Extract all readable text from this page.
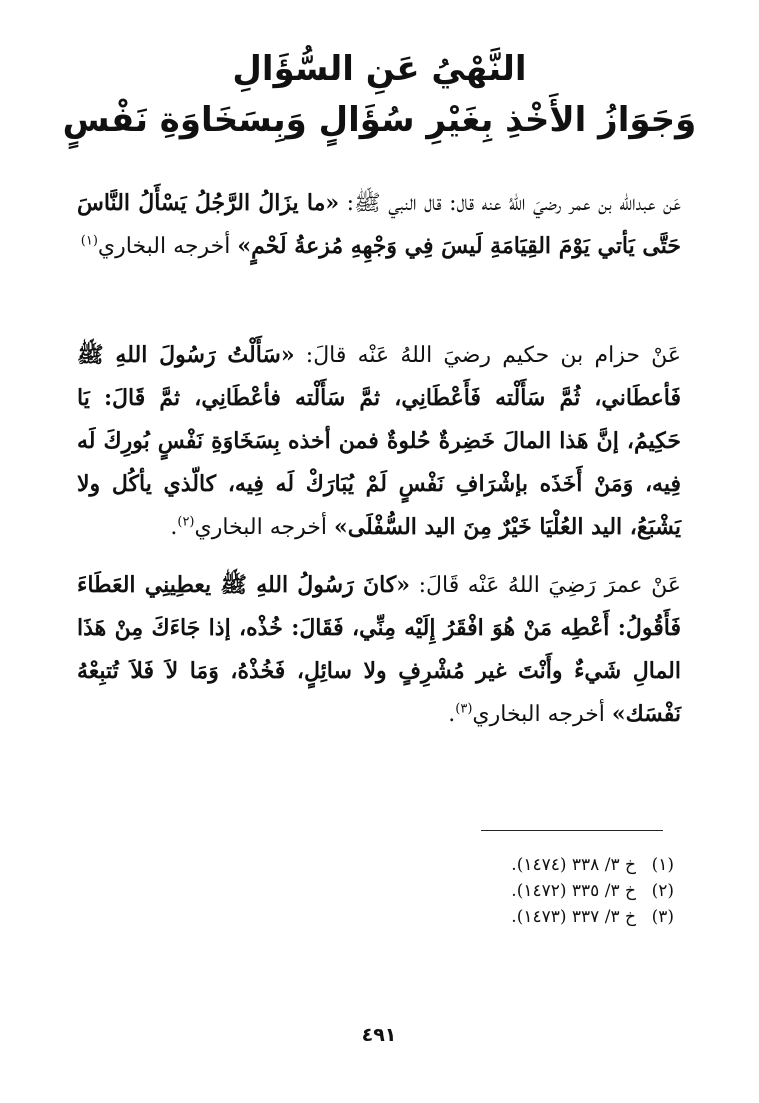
النَّهْيُ عَنِ السُّؤَالِ
وَجَوَازُ الأَخْذِ بِغَيْرِ سُؤَالٍ وَبِسَخَاوَةِ نَفْسٍ
عَن عبدالله بن عمر رضيَ اللهُ عنه قال: قال النبي ﷺ: «ما يزَالُ الرَّجُلُ يَسْأَلُ النَّاسَ حَتَّى يَأتي يَوْمَ القِيَامَةِ لَيسَ فِي وَجْهِهِ مُزعةُ لَحْمٍ» أخرجه البخاري$^{(١)}$
عَنْ حزام بن حكيم رضيَ اللهُ عَنْه قالَ: «سَأَلْتُ رَسُولَ اللهِ ﷺ فَأعطَاني، ثُمَّ سَأَلْته فَأَعْطَانِي، ثمَّ سَأَلْته فأعْطَانِي، ثمَّ قَالَ: يَا حَكِيمُ، إنَّ هَذا المالَ خَضِرةٌ حُلوةٌ فمن أخذه بِسَخَاوَةِ نَفْسٍ بُورِكَ لَه فِيه، وَمَنْ أَخَذَه بإشْرَافِ نَفْسٍ لَمْ يُبَارَكْ لَه فِيه، كالّذي يأكُل ولا يَشْبَعُ، اليد العُلْيَا خَيْرٌ مِنَ اليد السُّفْلَى» أخرجه البخاري$^{(٢)}$.
عَنْ عمرَ رَضِيَ اللهُ عَنْه قَالَ: «كانَ رَسُولُ اللهِ ﷺ يعطِينِي العَطَاءَ فَأَقُولُ: أَعْطِه مَنْ هُوَ افْقَرُ إِلَيْه مِنِّي، فَقَالَ: خُذْه، إذا جَاءَكَ مِنْ هَذَا المالِ شَيءٌ وأَنْتَ غير مُشْرِفٍ ولا سائِلٍ، فَخُذْهُ، وَمَا لاَ فَلاَ تُتبِعْهُ نَفْسَك» أخرجه البخاري$^{(٣)}$.
(١)خ ٣/ ٣٣٨ (١٤٧٤).
(٢)خ ٣/ ٣٣٥ (١٤٧٢).
(٣)خ ٣/ ٣٣٧ (١٤٧٣).
٤٩١
